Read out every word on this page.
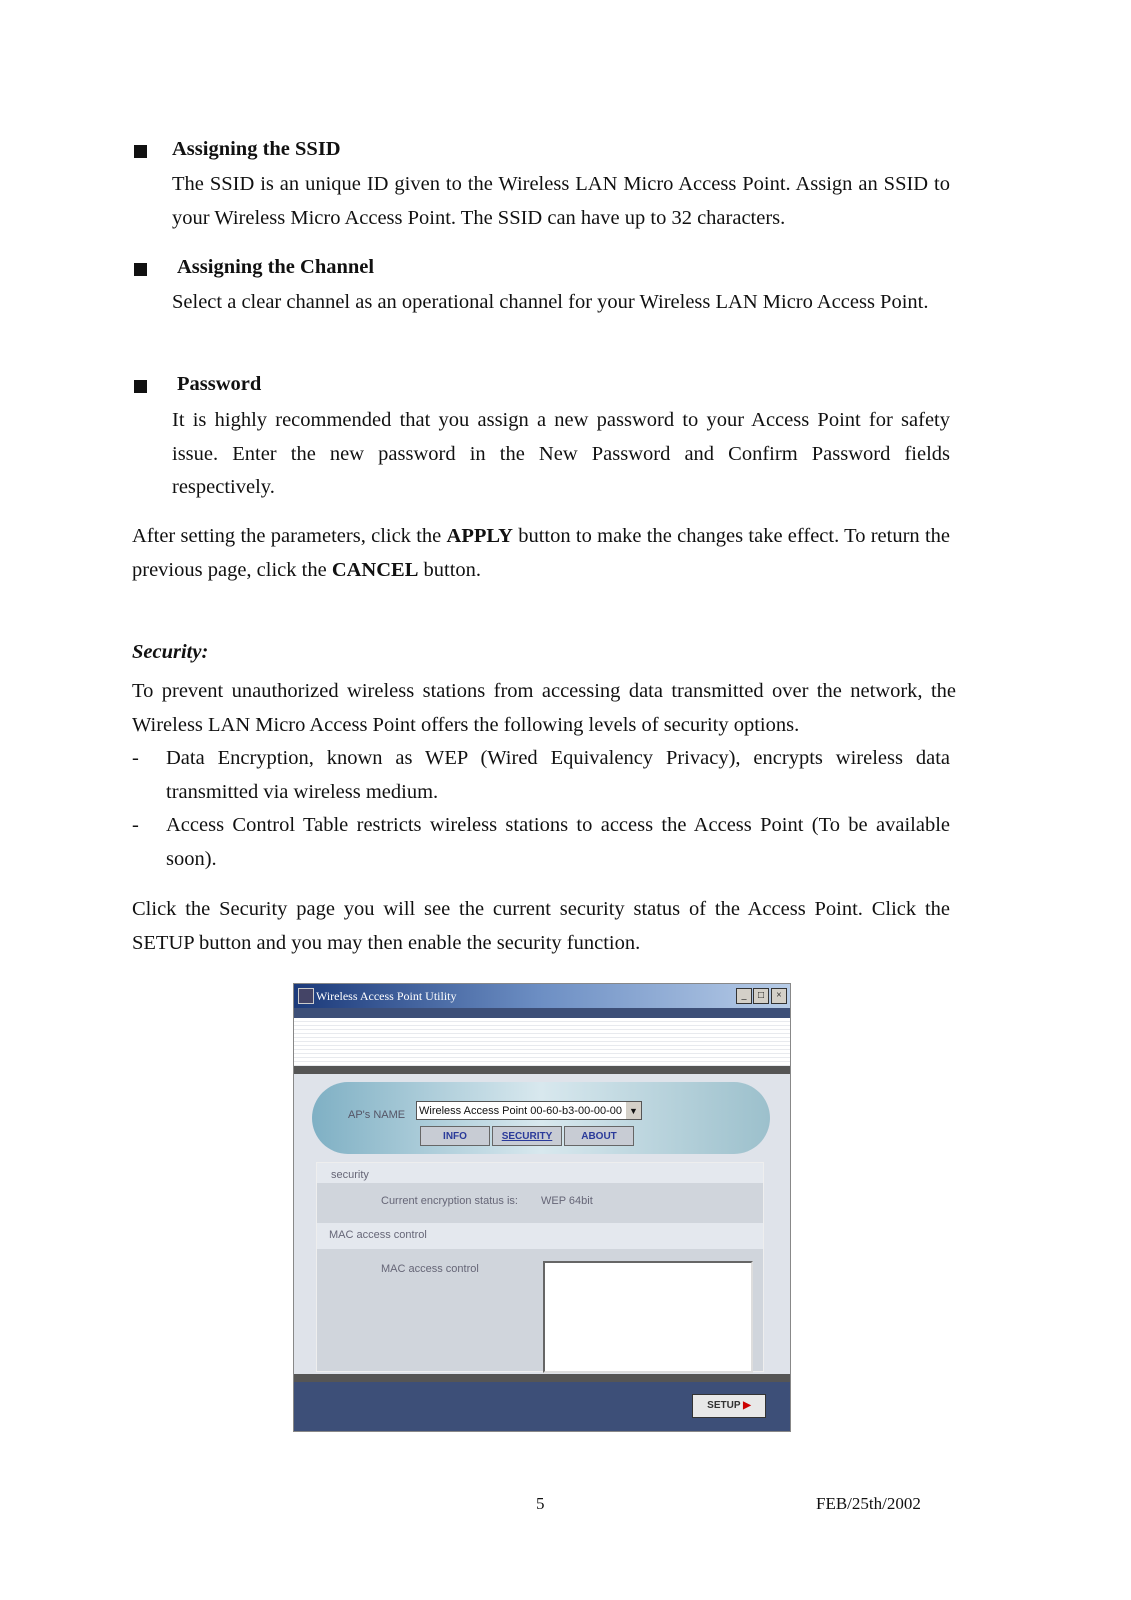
Assigning the SSID
The SSID is an unique ID given to the Wireless LAN Micro Access Point. Assign an SSID to your Wireless Micro Access Point. The SSID can have up to 32 characters.
Assigning the Channel
Select a clear channel as an operational channel for your Wireless LAN Micro Access Point.
Password
It is highly recommended that you assign a new password to your Access Point for safety issue. Enter the new password in the New Password and Confirm Password fields respectively.
After setting the parameters, click the APPLY button to make the changes take effect. To return the previous page, click the CANCEL button.
Security:
To prevent unauthorized wireless stations from accessing data transmitted over the network, the Wireless LAN Micro Access Point offers the following levels of security options.
- Data Encryption, known as WEP (Wired Equivalency Privacy), encrypts wireless data transmitted via wireless medium.
- Access Control Table restricts wireless stations to access the Access Point (To be available soon).
Click the Security page you will see the current security status of the Access Point. Click the SETUP button and you may then enable the security function.
Wireless Access Point Utility	_	□	×
AP's NAME Wireless Access Point 00-60-b3-00-00-00 ▼
INFO	SECURITY	ABOUT
security
Current encryption status is: WEP 64bit
MAC access control
MAC access control
SETUP ▶
5	FEB/25th/2002
